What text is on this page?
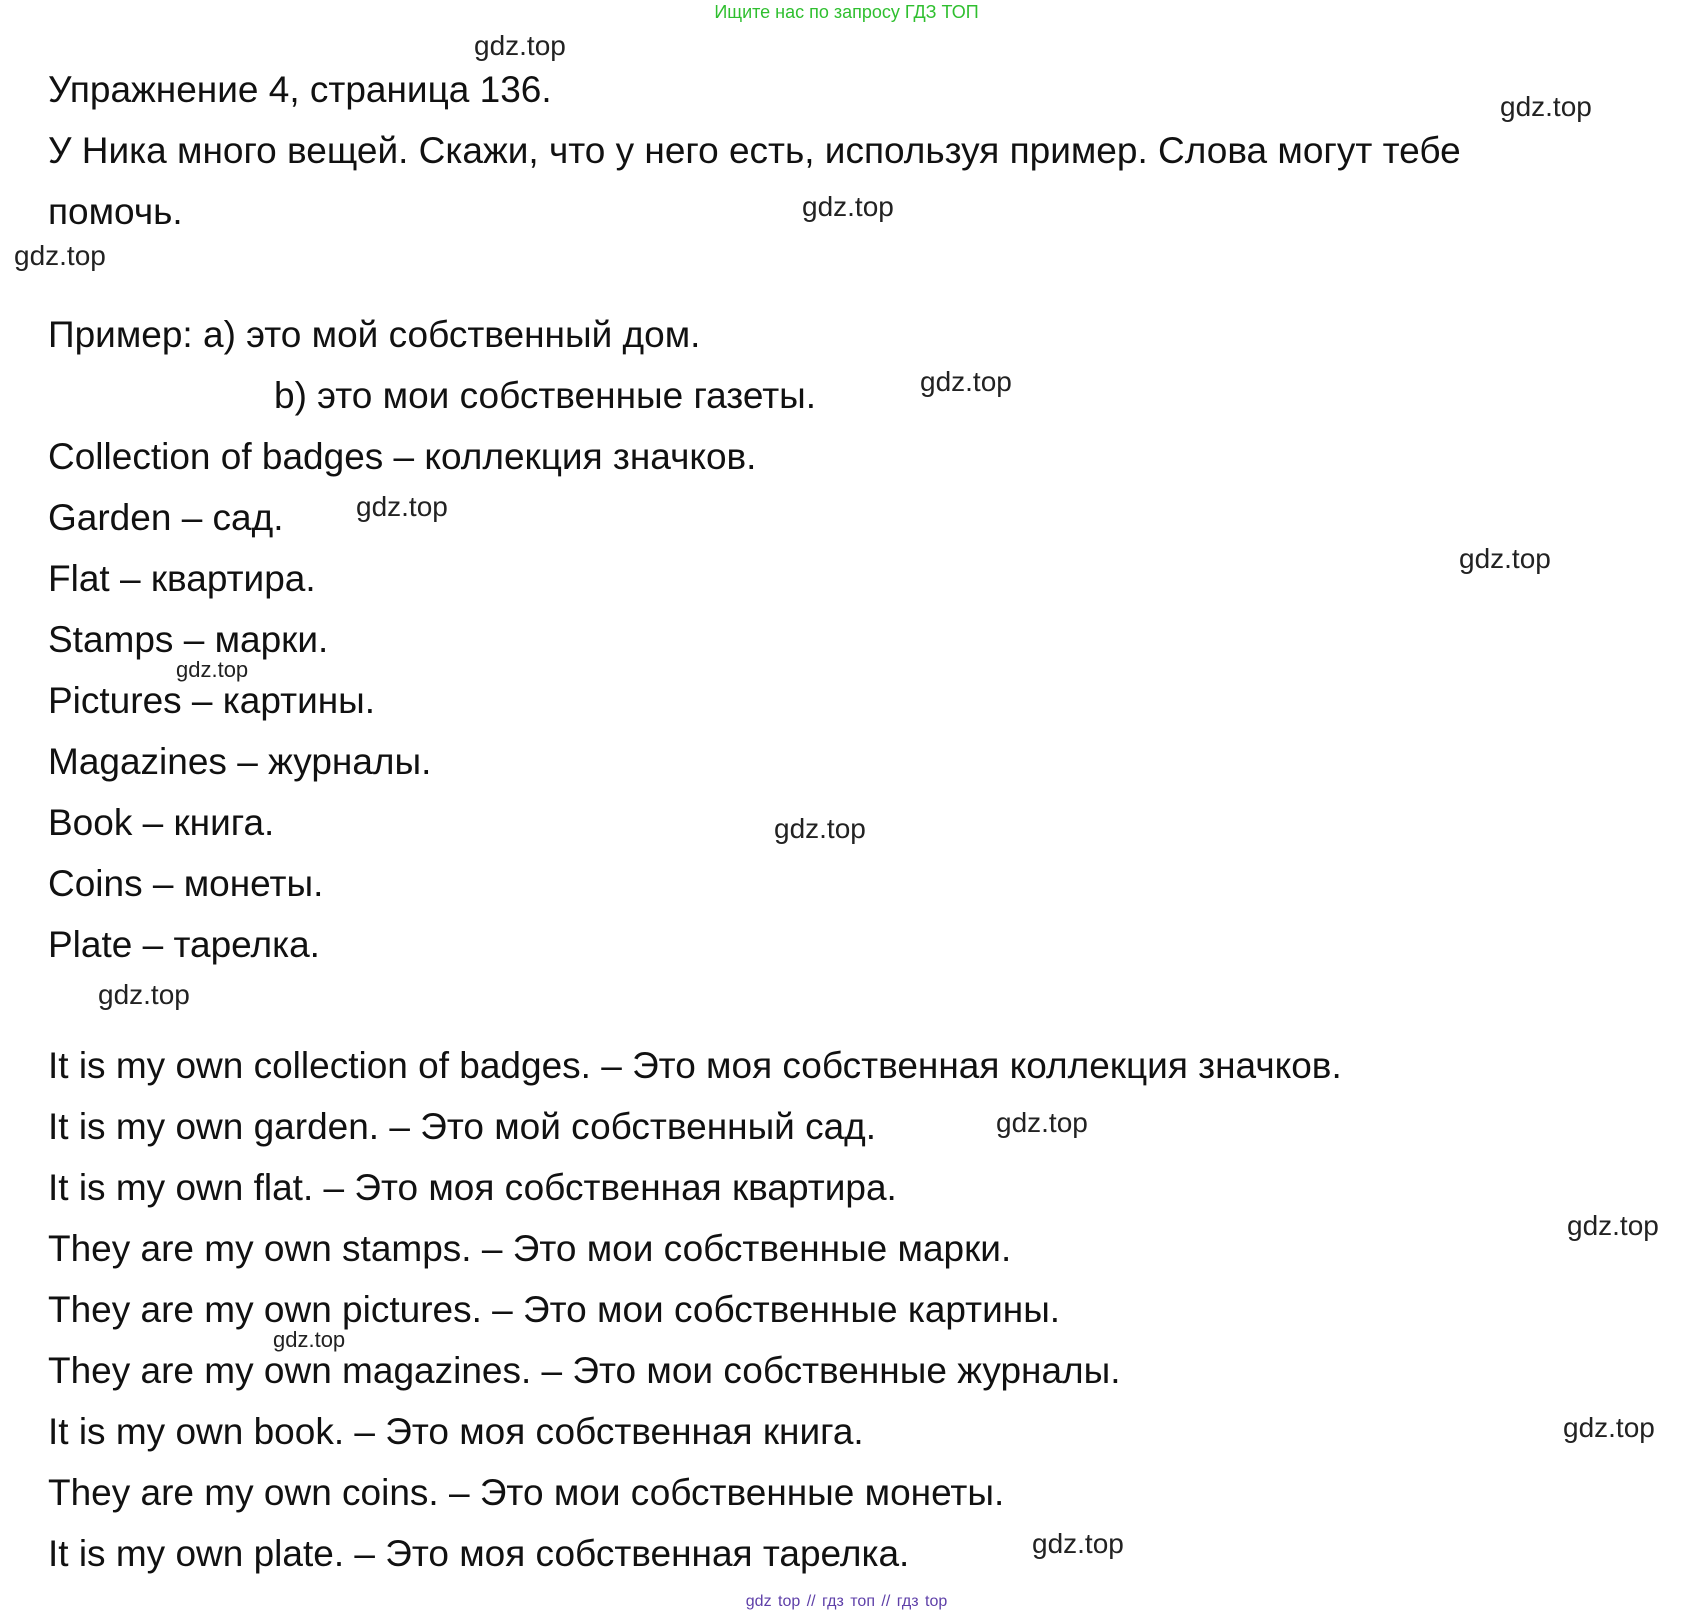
Ищите нас по запросу ГДЗ ТОП
Упражнение 4, страница 136.
У Ника много вещей. Скажи, что у него есть, используя пример. Слова могут тебе
помочь.
Пример: a) это мой собственный дом.
b) это мои собственные газеты.
Collection of badges – коллекция значков.
Garden – сад.
Flat – квартира.
Stamps – марки.
Pictures – картины.
Magazines – журналы.
Book – книга.
Coins – монеты.
Plate – тарелка.
It is my own collection of badges. – Это моя собственная коллекция значков.
It is my own garden. – Это мой собственный сад.
It is my own flat. – Это моя собственная квартира.
They are my own stamps. – Это мои собственные марки.
They are my own pictures. – Это мои собственные картины.
They are my own magazines. – Это мои собственные журналы.
It is my own book. – Это моя собственная книга.
They are my own coins. – Это мои собственные монеты.
It is my own plate. – Это моя собственная тарелка.
gdz.top
gdz.top
gdz.top
gdz.top
gdz.top
gdz.top
gdz.top
gdz.top
gdz.top
gdz.top
gdz.top
gdz.top
gdz.top
gdz.top
gdz.top
gdz top // гдз топ // гдз top
